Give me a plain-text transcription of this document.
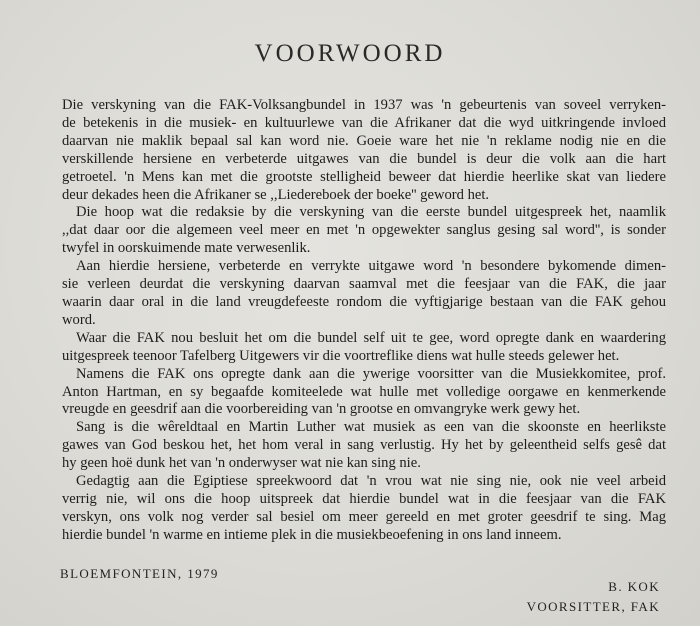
VOORWOORD
Die verskyning van die FAK-Volksangbundel in 1937 was 'n gebeurtenis van soveel verryken-
de betekenis in die musiek- en kultuurlewe van die Afrikaner dat die wyd uitkringende invloed
daarvan nie maklik bepaal sal kan word nie. Goeie ware het nie 'n reklame nodig nie en die
verskillende hersiene en verbeterde uitgawes van die bundel is deur die volk aan die hart
getroetel. 'n Mens kan met die grootste stelligheid beweer dat hierdie heerlike skat van liedere
deur dekades heen die Afrikaner se ,,Liedereboek der boeke'' geword het.
Die hoop wat die redaksie by die verskyning van die eerste bundel uitgespreek het, naamlik
,,dat daar oor die algemeen veel meer en met 'n opgewekter sanglus gesing sal word'', is sonder
twyfel in oorskuimende mate verwesenlik.
Aan hierdie hersiene, verbeterde en verrykte uitgawe word 'n besondere bykomende dimen-
sie verleen deurdat die verskyning daarvan saamval met die feesjaar van die FAK, die jaar
waarin daar oral in die land vreugdefeeste rondom die vyftigjarige bestaan van die FAK gehou
word.
Waar die FAK nou besluit het om die bundel self uit te gee, word opregte dank en waardering
uitgespreek teenoor Tafelberg Uitgewers vir die voortreflike diens wat hulle steeds gelewer het.
Namens die FAK ons opregte dank aan die ywerige voorsitter van die Musiekkomitee, prof.
Anton Hartman, en sy begaafde komiteelede wat hulle met volledige oorgawe en kenmerkende
vreugde en geesdrif aan die voorbereiding van 'n grootse en omvangryke werk gewy het.
Sang is die wêreldtaal en Martin Luther wat musiek as een van die skoonste en heerlikste
gawes van God beskou het, het hom veral in sang verlustig. Hy het by geleentheid selfs gesê dat
hy geen hoë dunk het van 'n onderwyser wat nie kan sing nie.
Gedagtig aan die Egiptiese spreekwoord dat 'n vrou wat nie sing nie, ook nie veel arbeid
verrig nie, wil ons die hoop uitspreek dat hierdie bundel wat in die feesjaar van die FAK
verskyn, ons volk nog verder sal besiel om meer gereeld en met groter geesdrif te sing. Mag
hierdie bundel 'n warme en intieme plek in die musiekbeoefening in ons land inneem.
BLOEMFONTEIN, 1979
B. KOK
VOORSITTER, FAK
